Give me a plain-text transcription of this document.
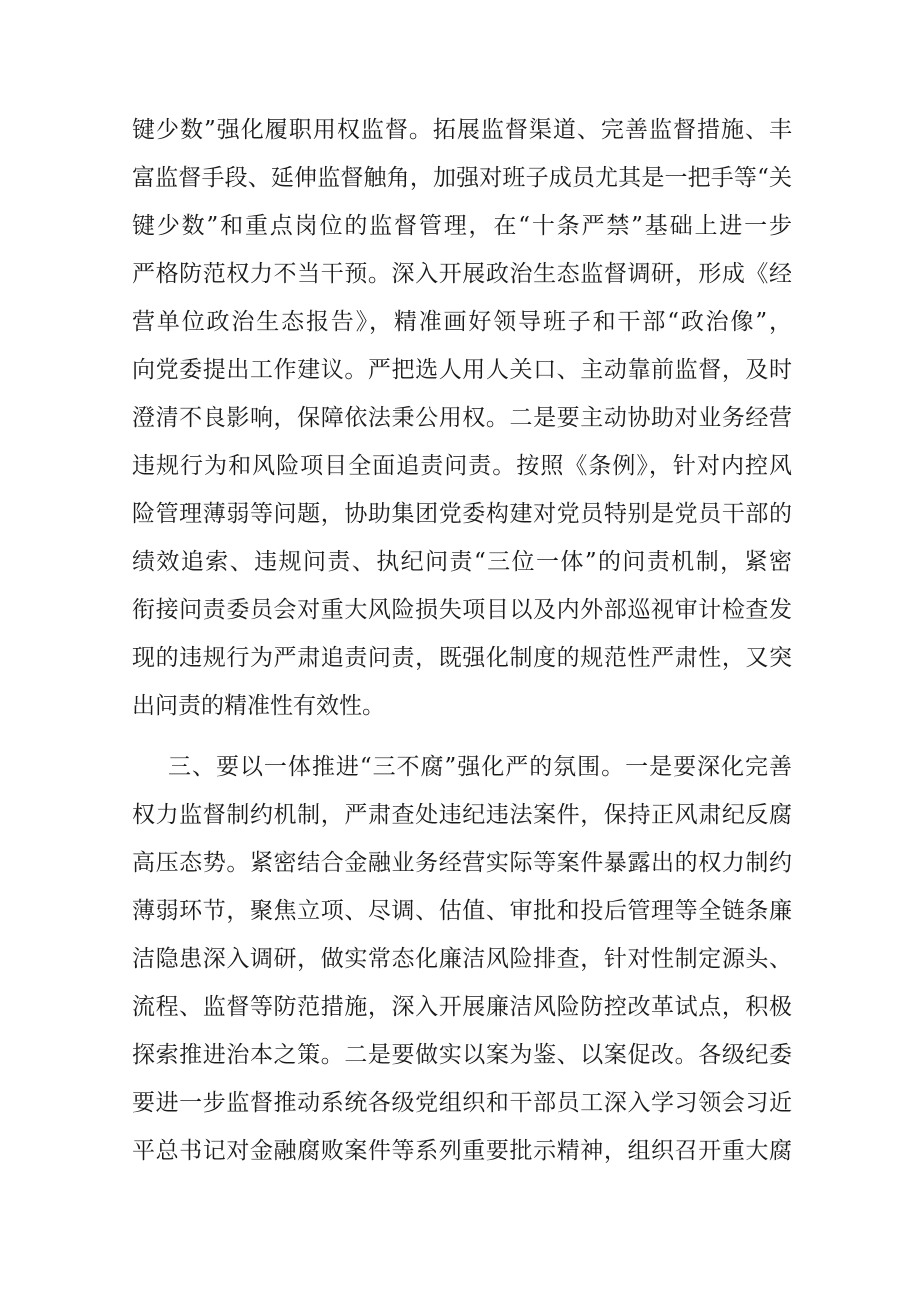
键少数”强化履职用权监督。拓展监督渠道、完善监督措施、丰
富监督手段、延伸监督触角，加强对班子成员尤其是一把手等“关
键少数”和重点岗位的监督管理，在“十条严禁”基础上进一步
严格防范权力不当干预。深入开展政治生态监督调研，形成《经
营单位政治生态报告》，精准画好领导班子和干部“政治像”，
向党委提出工作建议。严把选人用人关口、主动靠前监督，及时
澄清不良影响，保障依法秉公用权。二是要主动协助对业务经营
违规行为和风险项目全面追责问责。按照《条例》，针对内控风
险管理薄弱等问题，协助集团党委构建对党员特别是党员干部的
绩效追索、违规问责、执纪问责“三位一体”的问责机制，紧密
衔接问责委员会对重大风险损失项目以及内外部巡视审计检查发
现的违规行为严肃追责问责，既强化制度的规范性严肃性，又突
出问责的精准性有效性。
三、要以一体推进“三不腐”强化严的氛围。一是要深化完善
权力监督制约机制，严肃查处违纪违法案件，保持正风肃纪反腐
高压态势。紧密结合金融业务经营实际等案件暴露出的权力制约
薄弱环节，聚焦立项、尽调、估值、审批和投后管理等全链条廉
洁隐患深入调研，做实常态化廉洁风险排查，针对性制定源头、
流程、监督等防范措施，深入开展廉洁风险防控改革试点，积极
探索推进治本之策。二是要做实以案为鉴、以案促改。各级纪委
要进一步监督推动系统各级党组织和干部员工深入学习领会习近
平总书记对金融腐败案件等系列重要批示精神，组织召开重大腐
